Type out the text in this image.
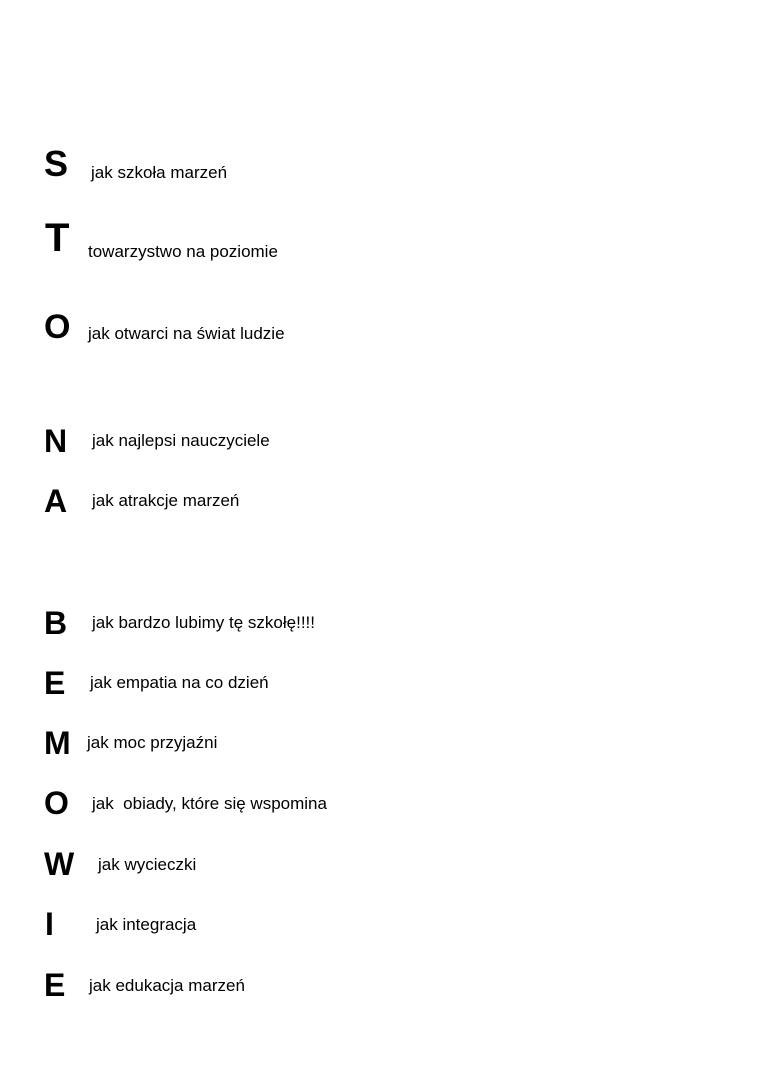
S jak szkoła marzeń
T towarzystwo na poziomie
O jak otwarci na świat ludzie
N jak najlepsi nauczyciele
A jak atrakcje marzeń
B jak bardzo lubimy tę szkołę!!!!
E jak empatia na co dzień
M jak moc przyjaźni
O jak  obiady, które się wspomina
W jak wycieczki
I jak integracja
E jak edukacja marzeń
